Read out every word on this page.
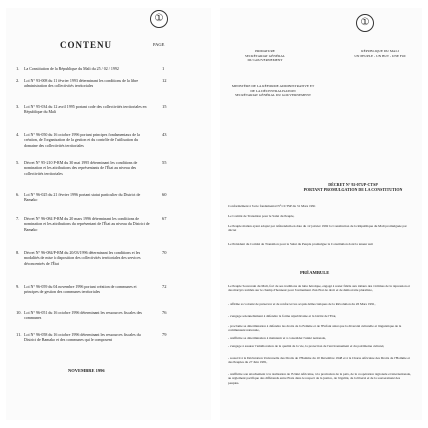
①
CONTENU	PAGE
1. La Constitution de la République du Mali du 25 / 02 / 1992	1
2. Loi N° 93-008 du 11 février 1993 déterminant les conditions de la libre administration des collectivités territoriales
12
3. Loi N° 95-034 du 12 avril 1995 portant code des collectivités territoriales en République du Mali
15
4. Loi N° 96-050 du 16 octobre 1996 portant principes fondamentaux de la création, de l'organisation de la gestion et du contrôle de l'utilisation du domaine des collectivités territoriales
43
5. Décret N° 95-210 P-RM du 30 mai 1995 déterminant les conditions de nomination et les attributions des représentants de l'État au niveau des collectivités territoriales
55
6. Loi N° 96-025 du 21 février 1996 portant statut particulier du District de Bamako
60
7. Décret N° 96-084 P-RM du 20 mars 1996 déterminant les conditions de nomination et les attributions du représentant de l'État au niveau du District de Bamako
67
8. Décret N° 96-084/P-RM du 20/03/1996 déterminant les conditions et les modalités de mise à disposition des collectivités territoriales des services déconcentrés de l'État
70
9. Loi N° 96-059 du 04 novembre 1996 portant création de communes et principes de gestion des communes territoriales
72
10. Loi N° 96-051 du 16 octobre 1996 déterminant les ressources fiscales des communes
76
11. Loi N° 96-058 du 16 octobre 1996 déterminant les ressources fiscales du District de Bamako et des communes qui le composent
79
NOVEMBRE 1996
①
PRIMATURE
SECRÉTARIAT GÉNÉRAL
DU GOUVERNEMENT
RÉPUBLIQUE DU MALI
UN PEUPLE - UN BUT - UNE FOI
MINISTÈRE DE LA RÉFORME ADMINISTRATIVE ET DE LA DÉCENTRALISATION
SECRÉTARIAT GÉNÉRAL DU GOUVERNEMENT
DÉCRET N° 92-073/P-CTSP
PORTANT PROMULGATION DE LA CONSTITUTION
Conformément à l'acte fondamental N°1/CTSP du 31 Mars 1991
Le Comité de Transition pour le Salut du Peuple,
Le Peuple malien ayant adopté par référendum en date du 12 janvier 1992 la Constitution de la République du Mali promulguée par décret
Le Président du Comité de Transition pour le Salut du Peuple promulgue la Constitution dont la teneur suit
PRÉAMBULE
Le Peuple Souverain du Mali, fort de ses traditions de lutte héroïque, engagé à rester fidèle aux idéaux des victimes de la répression et des martyrs tombés sur le champ d'honneur pour l'avènement d'un Etat de droit et de démocratie pluraliste,
- affirme sa volonté de préserver et de renforcer les acquis démocratiques de la Révolution du 26 Mars 1991,
- s'engage solennellement à défendre la forme républicaine et la laïcité de l'Etat,
- proclame sa détermination à défendre les droits de la Femme et de l'Enfant ainsi que la diversité culturelle et linguistique de la communauté nationale,
- réaffirme sa détermination à maintenir et à consolider l'unité nationale,
- s'engage à assurer l'amélioration de la qualité de la vie, la protection de l'environnement et du patrimoine culturel,
- souscrit à la Déclaration Universelle des Droits de l'Homme du 10 Décembre 1948 et à la Charte Africaine des Droits de l'Homme et des Peuples du 27 Juin 1981,
- réaffirme son attachement à la réalisation de l'Unité Africaine, à la promotion de la paix, de la coopération régionale et internationale, au règlement pacifique des différends entre Etats dans le respect de la justice, de l'égalité, de la liberté et de la souveraineté des peuples.
